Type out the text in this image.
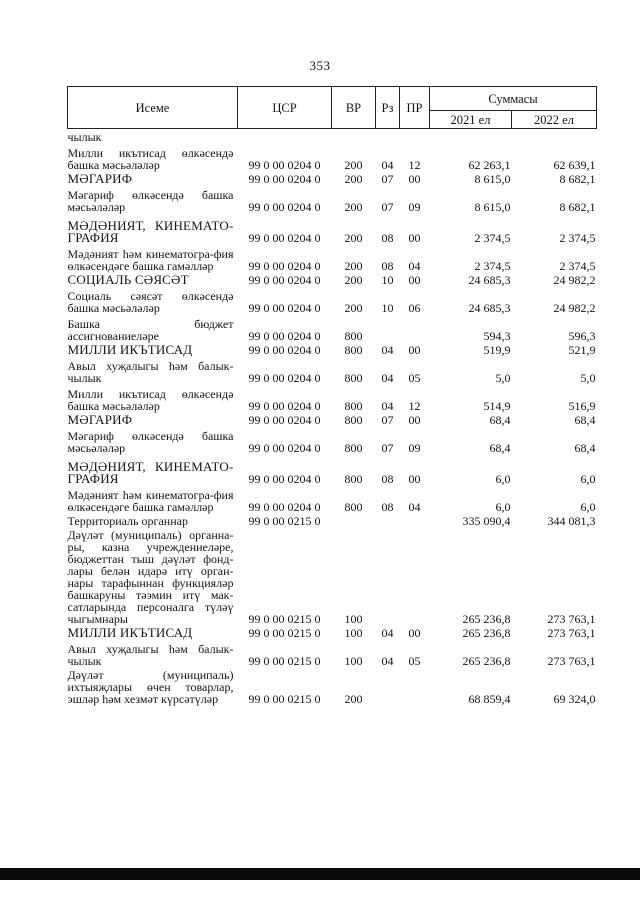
353
Исеме	ЦСР	ВР	Рз	ПР	Суммасы	
					2021 ел	2022 ел
чылык						
Милли икътисад өлкәсендә башка мәсьәләләр	99 0 00 0204 0	200	04	12	62 263,1	62 639,1
МӘГАРИФ	99 0 00 0204 0	200	07	00	8 615,0	8 682,1
Мәгариф өлкәсендә башка мәсьәләләр	99 0 00 0204 0	200	07	09	8 615,0	8 682,1
МӘДӘНИЯТ, КИНЕМАТО-ГРАФИЯ	99 0 00 0204 0	200	08	00	2 374,5	2 374,5
Мәдәният һәм кинематогра-фия өлкәсендәге башка гамәлләр	99 0 00 0204 0	200	08	04	2 374,5	2 374,5
СОЦИАЛЬ СӘЯСӘТ	99 0 00 0204 0	200	10	00	24 685,3	24 982,2
Социаль сәясәт өлкәсендә башка мәсьәләләр	99 0 00 0204 0	200	10	06	24 685,3	24 982,2
Башка бюджет ассигнованиеләре	99 0 00 0204 0	800			594,3	596,3
МИЛЛИ ИКЪТИСАД	99 0 00 0204 0	800	04	00	519,9	521,9
Авыл хуҗалыгы һәм балык-чылык	99 0 00 0204 0	800	04	05	5,0	5,0
Милли икътисад өлкәсендә башка мәсьәләләр	99 0 00 0204 0	800	04	12	514,9	516,9
МӘГАРИФ	99 0 00 0204 0	800	07	00	68,4	68,4
Мәгариф өлкәсендә башка мәсьәләләр	99 0 00 0204 0	800	07	09	68,4	68,4
МӘДӘНИЯТ, КИНЕМАТО-ГРАФИЯ	99 0 00 0204 0	800	08	00	6,0	6,0
Мәдәният һәм кинематогра-фия өлкәсендәге башка гамәлләр	99 0 00 0204 0	800	08	04	6,0	6,0
Территориаль органнар	99 0 00 0215 0				335 090,4	344 081,3
Дәүләт (муниципаль) органна-ры, казна учреждениеләре, бюджеттан тыш дәүләт фонд-лары белән идарә итү орган-нары тарафыннан функцияләр башкаруны тәэмин итү мак-сатларында персоналга түләү чыгымнары	99 0 00 0215 0	100			265 236,8	273 763,1
МИЛЛИ ИКЪТИСАД	99 0 00 0215 0	100	04	00	265 236,8	273 763,1
Авыл хуҗалыгы һәм балык-чылык	99 0 00 0215 0	100	04	05	265 236,8	273 763,1
Дәүләт (муниципаль) ихтыяҗлары өчен товарлар, эшләр һәм хезмәт күрсәтүләр	99 0 00 0215 0	200			68 859,4	69 324,0
